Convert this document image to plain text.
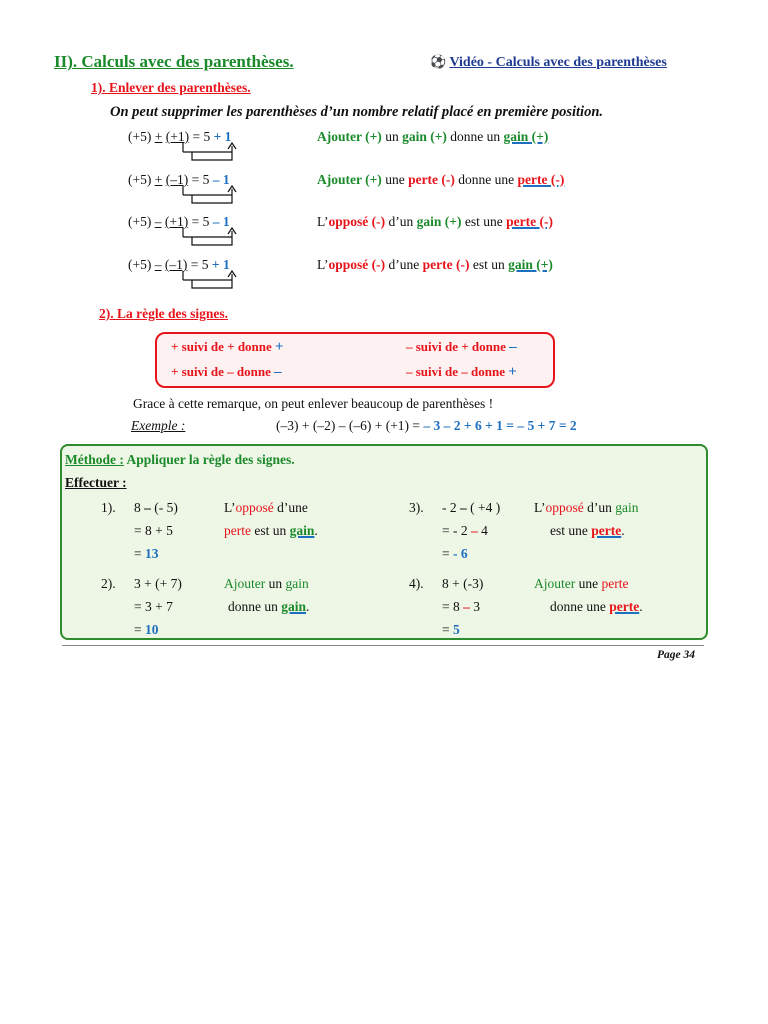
II). Calculs avec des parenthèses.	⚽ Vidéo - Calculs avec des parenthèses
1). Enlever des parenthèses.
On peut supprimer les parenthèses d’un nombre relatif placé en première position.
(+5) + (+1) = 5 + 1	Ajouter (+) un gain (+) donne un gain (+)
(+5) + (–1) = 5 – 1	Ajouter (+) une perte (-) donne une perte (-)
(+5) – (+1) = 5 – 1	L’opposé (-) d’un gain (+) est une perte (-)
(+5) – (–1) = 5 + 1	L’opposé (-) d’une perte (-) est un gain (+)
2). La règle des signes.
+ suivi de + donne +	– suivi de + donne –
+ suivi de – donne –	– suivi de – donne +
Grace à cette remarque, on peut enlever beaucoup de parenthèses !
Exemple :	(–3) + (–2) – (–6) + (+1) = – 3 – 2 + 6 + 1 = – 5 + 7 = 2
Méthode : Appliquer la règle des signes.
Effectuer :
1). 8 – (- 5)
= 8 + 5
= 13
L’opposé d’une
perte est un gain.
3). - 2 – ( +4 )
= - 2 – 4
= - 6
L’opposé d’un gain
est une perte.
2). 3 + (+ 7)
= 3 + 7
= 10
Ajouter un gain
donne un gain.
4). 8 + (-3)
= 8 – 3
= 5
Ajouter une perte
donne une perte.
Page 34
